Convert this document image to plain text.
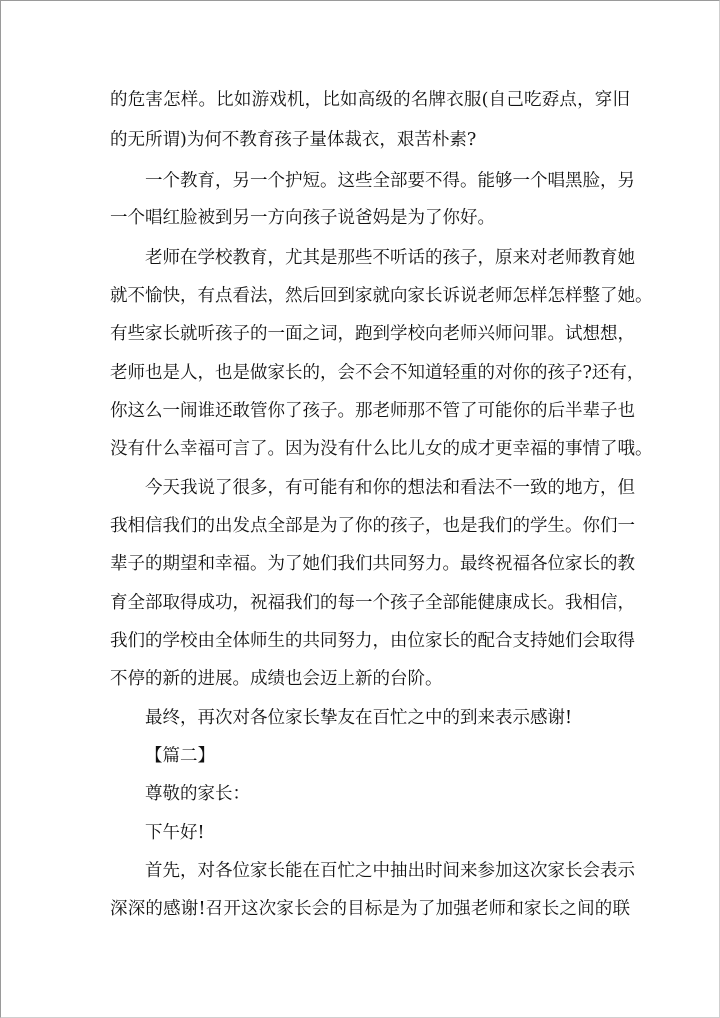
的危害怎样。比如游戏机，比如高级的名牌衣服(自己吃孬点，穿旧
的无所谓)为何不教育孩子量体裁衣，艰苦朴素?
一个教育，另一个护短。这些全部要不得。能够一个唱黑脸，另
一个唱红脸被到另一方向孩子说爸妈是为了你好。
老师在学校教育，尤其是那些不听话的孩子，原来对老师教育她
就不愉快，有点看法，然后回到家就向家长诉说老师怎样怎样整了她。
有些家长就听孩子的一面之词，跑到学校向老师兴师问罪。试想想，
老师也是人，也是做家长的，会不会不知道轻重的对你的孩子?还有，
你这么一闹谁还敢管你了孩子。那老师那不管了可能你的后半辈子也
没有什么幸福可言了。因为没有什么比儿女的成才更幸福的事情了哦。
今天我说了很多，有可能有和你的想法和看法不一致的地方，但
我相信我们的出发点全部是为了你的孩子，也是我们的学生。你们一
辈子的期望和幸福。为了她们我们共同努力。最终祝福各位家长的教
育全部取得成功，祝福我们的每一个孩子全部能健康成长。我相信，
我们的学校由全体师生的共同努力，由位家长的配合支持她们会取得
不停的新的进展。成绩也会迈上新的台阶。
最终，再次对各位家长挚友在百忙之中的到来表示感谢!
【篇二】
尊敬的家长：
下午好!
首先，对各位家长能在百忙之中抽出时间来参加这次家长会表示
深深的感谢!召开这次家长会的目标是为了加强老师和家长之间的联
